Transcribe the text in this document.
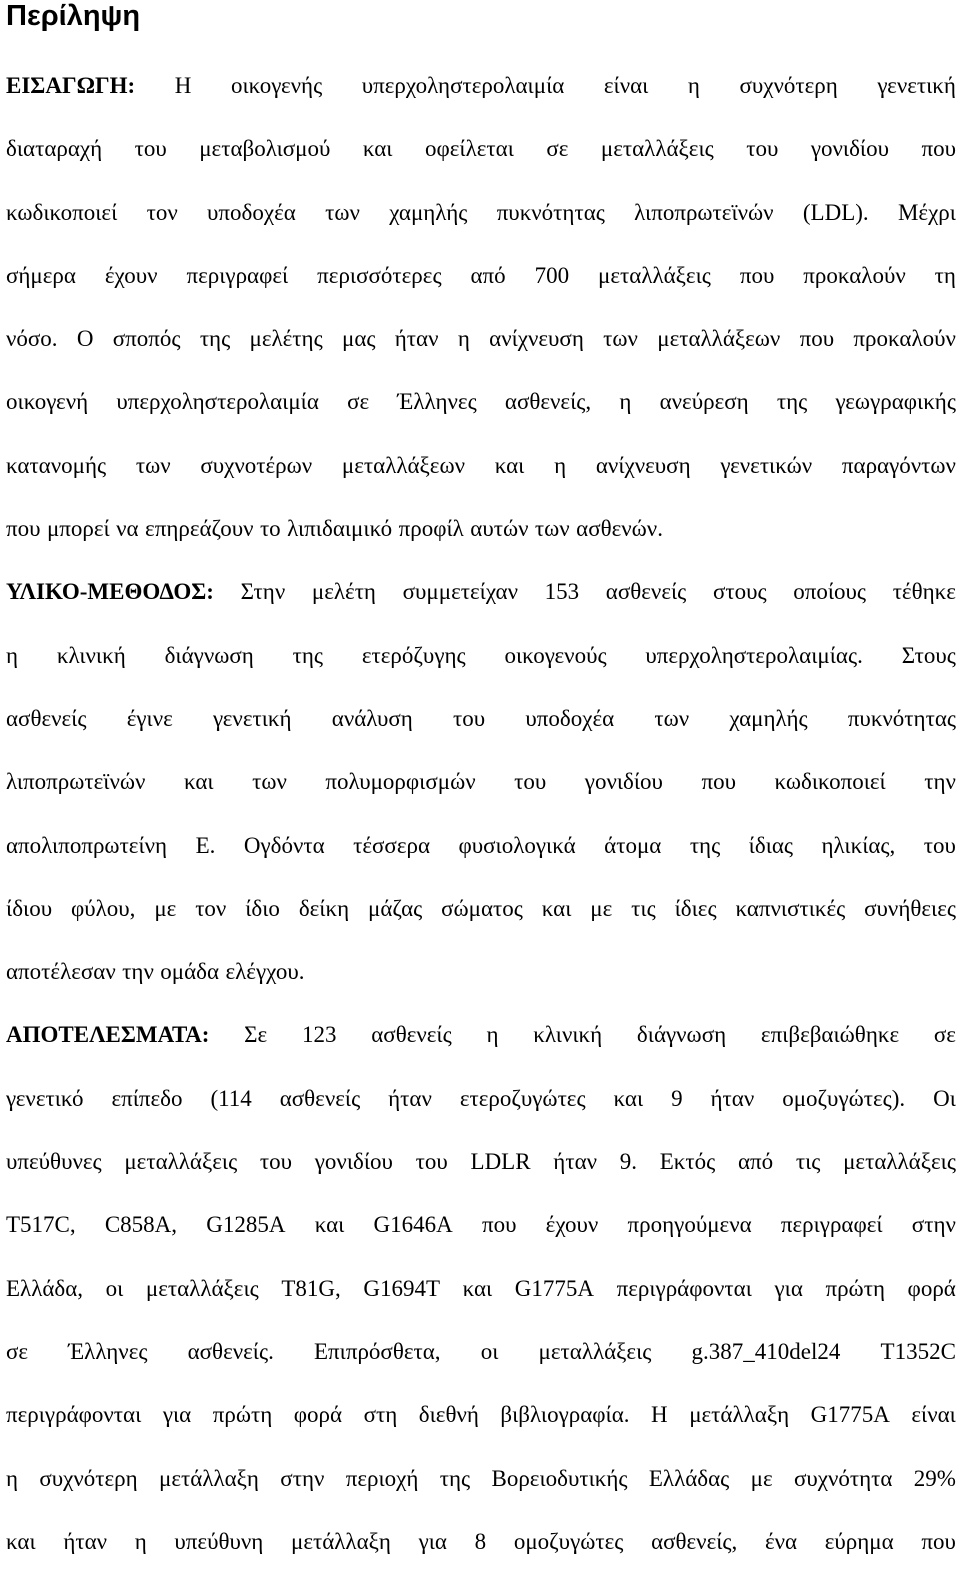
Περίληψη
ΕΙΣΑΓΩΓΗ: Η οικογενής υπερχοληστερολαιμία είναι η συχνότερη γενετική
διαταραχή του μεταβολισμού και οφείλεται σε μεταλλάξεις του γονιδίου που
κωδικοποιεί τον υποδοχέα των χαμηλής πυκνότητας λιποπρωτεϊνών (LDL). Μέχρι
σήμερα έχουν περιγραφεί περισσότερες από 700 μεταλλάξεις που προκαλούν τη
νόσο. Ο σποπός της μελέτης μας ήταν η ανίχνευση των μεταλλάξεων που προκαλούν
οικογενή υπερχοληστερολαιμία σε Έλληνες ασθενείς, η ανεύρεση της γεωγραφικής
κατανομής των συχνοτέρων μεταλλάξεων και η ανίχνευση γενετικών παραγόντων
που μπορεί να επηρεάζουν το λιπιδαιμικό προφίλ αυτών των ασθενών.
ΥΛΙΚΟ-ΜΕΘΟΔΟΣ: Στην μελέτη συμμετείχαν 153 ασθενείς στους οποίους τέθηκε
η κλινική διάγνωση της ετερόζυγης οικογενούς υπερχοληστερολαιμίας. Στους
ασθενείς έγινε γενετική ανάλυση του υποδοχέα των χαμηλής πυκνότητας
λιποπρωτεϊνών και των πολυμορφισμών του γονιδίου που κωδικοποιεί την
απολιποπρωτείνη Ε. Ογδόντα τέσσερα φυσιολογικά άτομα της ίδιας ηλικίας, του
ίδιου φύλου, με τον ίδιο δείκη μάζας σώματος και με τις ίδιες καπνιστικές συνήθειες
αποτέλεσαν την ομάδα ελέγχου.
ΑΠΟΤΕΛΕΣΜΑΤΑ: Σε 123 ασθενείς η κλινική διάγνωση επιβεβαιώθηκε σε
γενετικό επίπεδο (114 ασθενείς ήταν ετεροζυγώτες και 9 ήταν ομοζυγώτες). Οι
υπεύθυνες μεταλλάξεις του γονιδίου του LDLR ήταν 9. Εκτός από τις μεταλλάξεις
T517C, C858A, G1285A και G1646A που έχουν προηγούμενα περιγραφεί στην
Ελλάδα, οι μεταλλάξεις T81G, G1694T και G1775A περιγράφονται για πρώτη φορά
σε Έλληνες ασθενείς. Επιπρόσθετα, οι μεταλλάξεις g.387_410del24 T1352C
περιγράφονται για πρώτη φορά στη διεθνή βιβλιογραφία. Η μετάλλαξη G1775A είναι
η συχνότερη μετάλλαξη στην περιοχή της Βορειοδυτικής Ελλάδας με συχνότητα 29%
και ήταν η υπεύθυνη μετάλλαξη για 8 ομοζυγώτες ασθενείς, ένα εύρημα που
